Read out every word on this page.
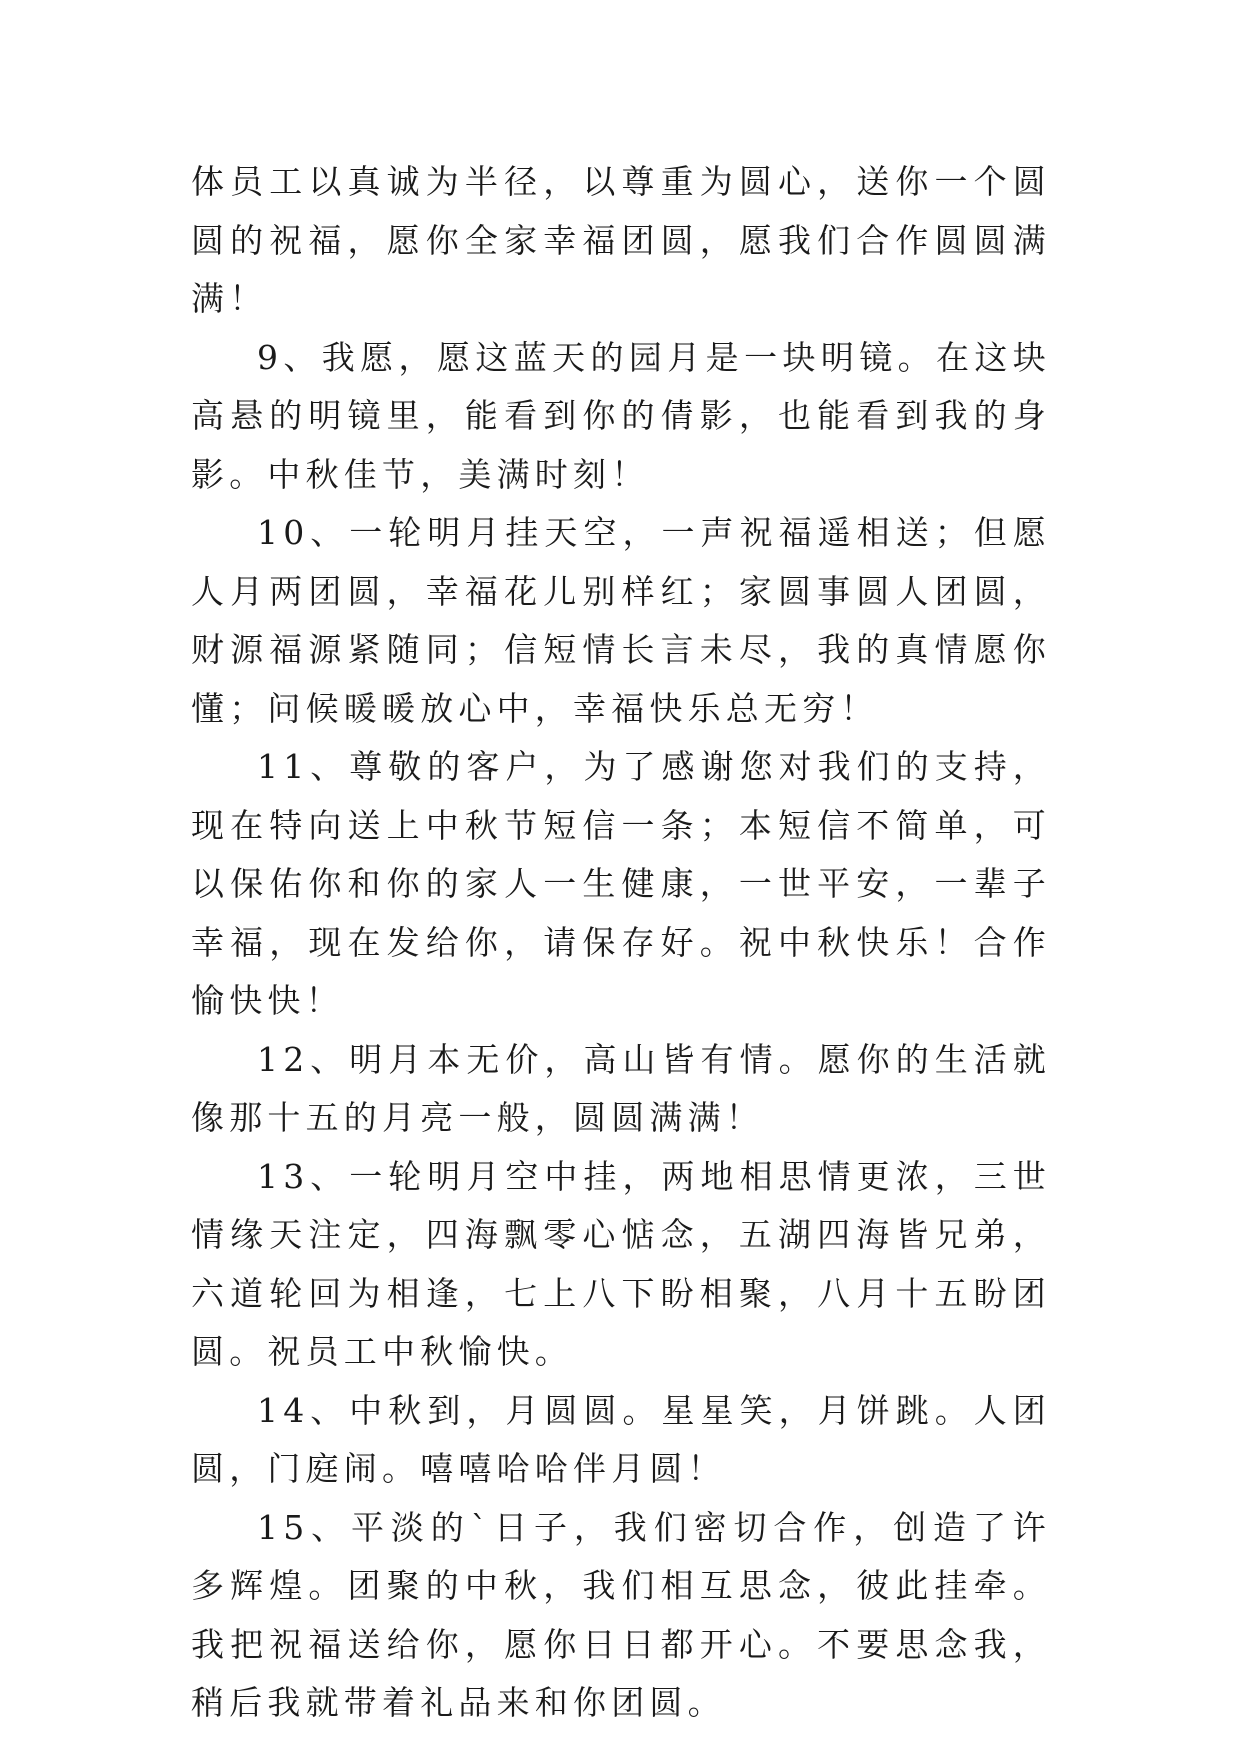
体员工以真诚为半径，以尊重为圆心，送你一个圆圆的祝福，愿你全家幸福团圆，愿我们合作圆圆满满！

9、我愿，愿这蓝天的园月是一块明镜。在这块高悬的明镜里，能看到你的倩影，也能看到我的身影。中秋佳节，美满时刻！

10、一轮明月挂天空，一声祝福遥相送；但愿人月两团圆，幸福花儿别样红；家圆事圆人团圆，财源福源紧随同；信短情长言未尽，我的真情愿你懂；问候暖暖放心中，幸福快乐总无穷！

11、尊敬的客户，为了感谢您对我们的支持，现在特向送上中秋节短信一条；本短信不简单，可以保佑你和你的家人一生健康，一世平安，一辈子幸福，现在发给你，请保存好。祝中秋快乐！合作愉快快！

12、明月本无价，高山皆有情。愿你的生活就像那十五的月亮一般，圆圆满满！

13、一轮明月空中挂，两地相思情更浓，三世情缘天注定，四海飘零心惦念，五湖四海皆兄弟，六道轮回为相逢，七上八下盼相聚，八月十五盼团圆。祝员工中秋愉快。

14、中秋到，月圆圆。星星笑，月饼跳。人团圆，门庭闹。嘻嘻哈哈伴月圆！

15、平淡的`日子，我们密切合作，创造了许多辉煌。团聚的中秋，我们相互思念，彼此挂牵。我把祝福送给你，愿你日日都开心。不要思念我，稍后我就带着礼品来和你团圆。
